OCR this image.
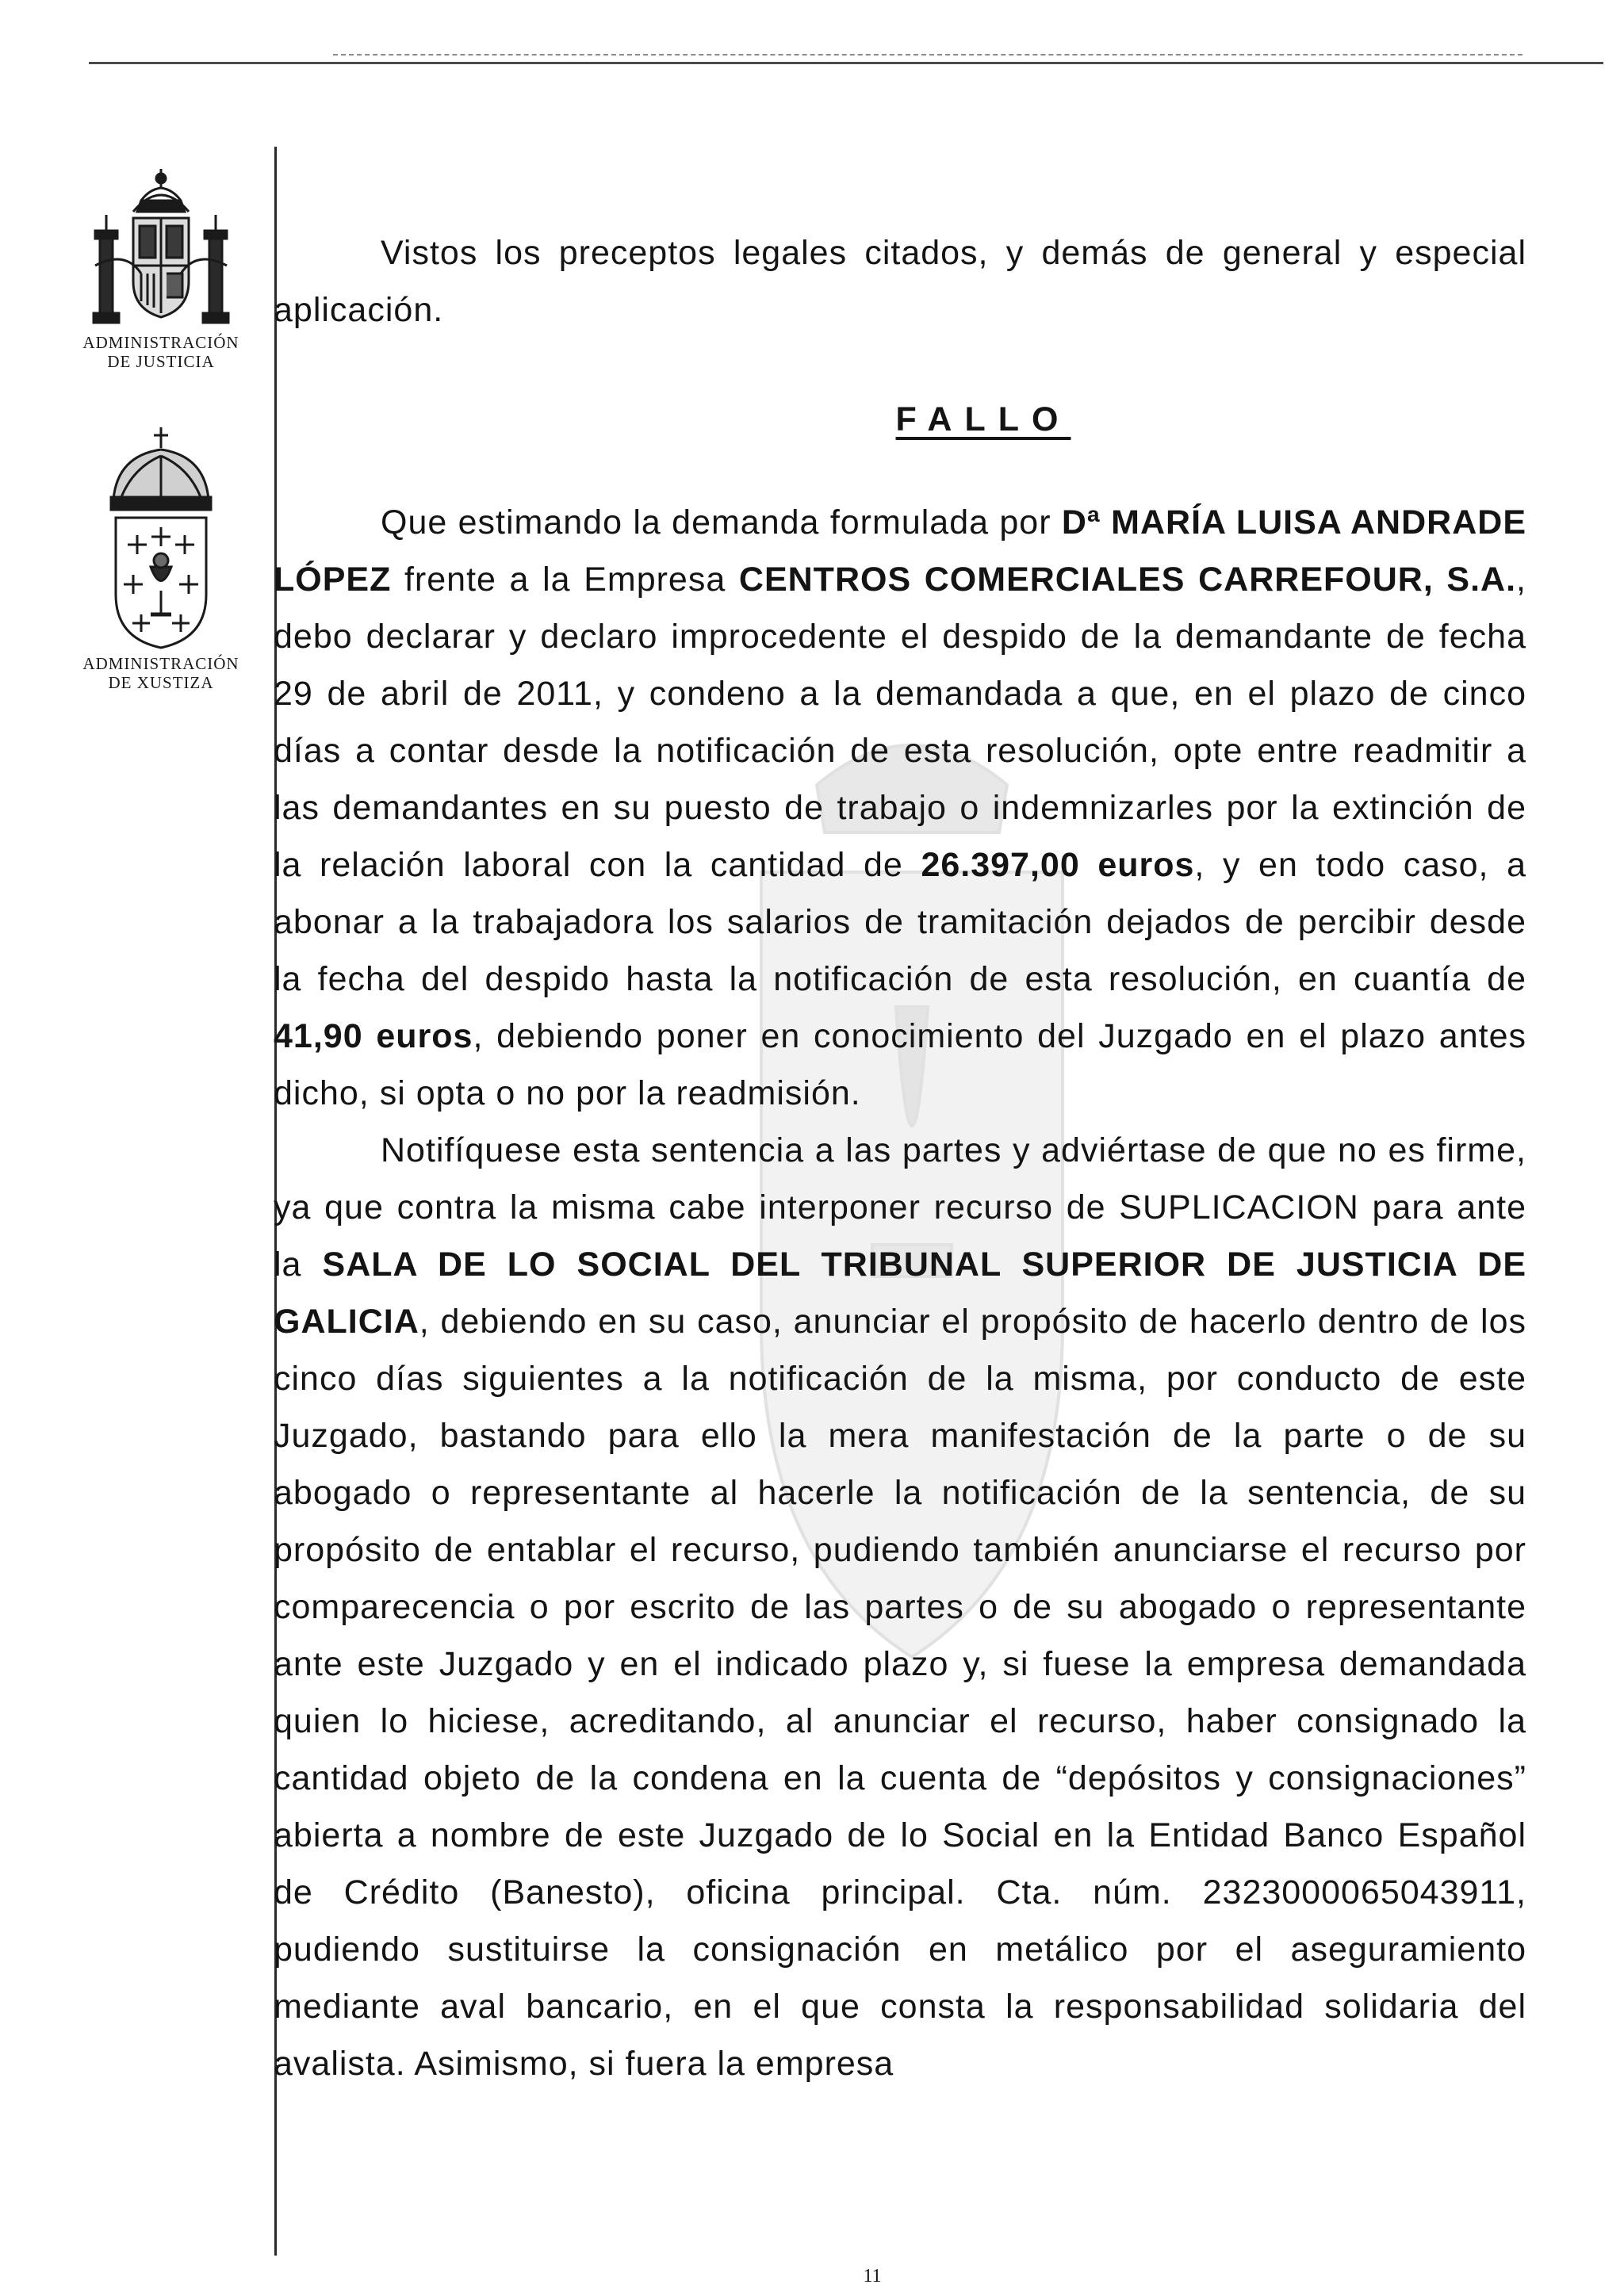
ADMINISTRACIÓN
DE JUSTICIA
ADMINISTRACIÓN
DE XUSTIZA

Vistos los preceptos legales citados, y demás de general y especial aplicación.

FALLO

Que estimando la demanda formulada por Dª MARÍA LUISA ANDRADE LÓPEZ frente a la Empresa CENTROS COMERCIALES CARREFOUR, S.A., debo declarar y declaro improcedente el despido de la demandante de fecha 29 de abril de 2011, y condeno a la demandada a que, en el plazo de cinco días a contar desde la notificación de esta resolución, opte entre readmitir a las demandantes en su puesto de trabajo o indemnizarles por la extinción de la relación laboral con la cantidad de 26.397,00 euros, y en todo caso, a abonar a la trabajadora los salarios de tramitación dejados de percibir desde la fecha del despido hasta la notificación de esta resolución, en cuantía de 41,90 euros, debiendo poner en conocimiento del Juzgado en el plazo antes dicho, si opta o no por la readmisión.

Notifíquese esta sentencia a las partes y adviértase de que no es firme, ya que contra la misma cabe interponer recurso de SUPLICACION para ante la SALA DE LO SOCIAL DEL TRIBUNAL SUPERIOR DE JUSTICIA DE GALICIA, debiendo en su caso, anunciar el propósito de hacerlo dentro de los cinco días siguientes a la notificación de la misma, por conducto de este Juzgado, bastando para ello la mera manifestación de la parte o de su abogado o representante al hacerle la notificación de la sentencia, de su propósito de entablar el recurso, pudiendo también anunciarse el recurso por comparecencia o por escrito de las partes o de su abogado o representante ante este Juzgado y en el indicado plazo y, si fuese la empresa demandada quien lo hiciese, acreditando, al anunciar el recurso, haber consignado la cantidad objeto de la condena en la cuenta de “depósitos y consignaciones” abierta a nombre de este Juzgado de lo Social en la Entidad Banco Español de Crédito (Banesto), oficina principal. Cta. núm. 2323000065043911, pudiendo sustituirse la consignación en metálico por el aseguramiento mediante aval bancario, en el que consta la responsabilidad solidaria del avalista. Asimismo, si fuera la empresa

11
